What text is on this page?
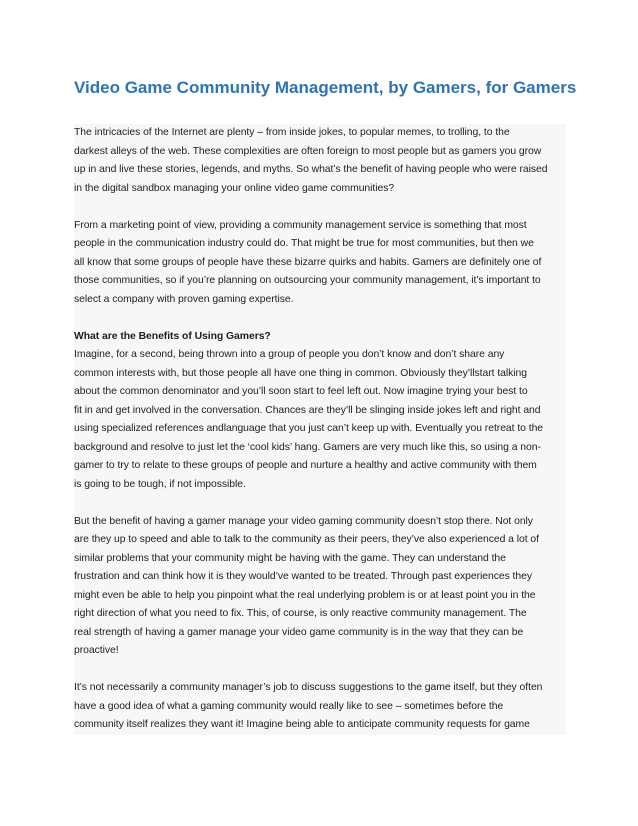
Video Game Community Management, by Gamers, for Gamers
The intricacies of the Internet are plenty – from inside jokes, to popular memes, to trolling, to the
darkest alleys of the web. These complexities are often foreign to most people but as gamers you grow
up in and live these stories, legends, and myths. So what’s the benefit of having people who were raised
in the digital sandbox managing your online video game communities?
From a marketing point of view, providing a community management service is something that most
people in the communication industry could do. That might be true for most communities, but then we
all know that some groups of people have these bizarre quirks and habits. Gamers are definitely one of
those communities, so if you’re planning on outsourcing your community management, it’s important to
select a company with proven gaming expertise.
What are the Benefits of Using Gamers?
Imagine, for a second, being thrown into a group of people you don’t know and don’t share any
common interests with, but those people all have one thing in common. Obviously they’llstart talking
about the common denominator and you’ll soon start to feel left out. Now imagine trying your best to
fit in and get involved in the conversation. Chances are they’ll be slinging inside jokes left and right and
using specialized references andlanguage that you just can’t keep up with. Eventually you retreat to the
background and resolve to just let the ‘cool kids’ hang. Gamers are very much like this, so using a non-
gamer to try to relate to these groups of people and nurture a healthy and active community with them
is going to be tough, if not impossible.
But the benefit of having a gamer manage your video gaming community doesn’t stop there. Not only
are they up to speed and able to talk to the community as their peers, they’ve also experienced a lot of
similar problems that your community might be having with the game. They can understand the
frustration and can think how it is they would’ve wanted to be treated. Through past experiences they
might even be able to help you pinpoint what the real underlying problem is or at least point you in the
right direction of what you need to fix. This, of course, is only reactive community management. The
real strength of having a gamer manage your video game community is in the way that they can be
proactive!
It’s not necessarily a community manager’s job to discuss suggestions to the game itself, but they often
have a good idea of what a gaming community would really like to see – sometimes before the
community itself realizes they want it! Imagine being able to anticipate community requests for game
